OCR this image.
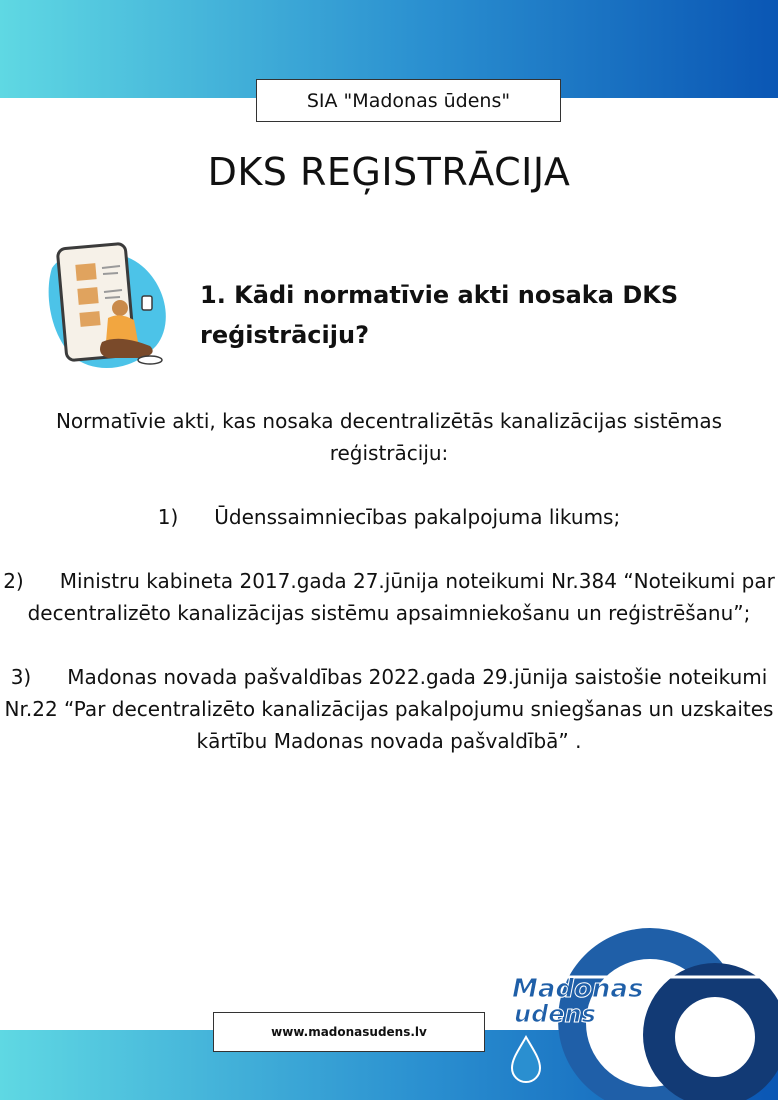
SIA "Madonas ūdens"
DKS REĢISTRĀCIJA

1. Kādi normatīvie akti nosaka DKS reģistrāciju?

Normatīvie akti, kas nosaka decentralizētās kanalizācijas sistēmas reģistrāciju:

1) Ūdenssaimniecības pakalpojuma likums;

2) Ministru kabineta 2017.gada 27.jūnija noteikumi Nr.384 “Noteikumi par decentralizēto kanalizācijas sistēmu apsaimniekošanu un reģistrēšanu”;

3) Madonas novada pašvaldības 2022.gada 29.jūnija saistošie noteikumi Nr.22 “Par decentralizēto kanalizācijas pakalpojumu sniegšanas un uzskaites kārtību Madonas novada pašvaldībā” .

Madonas
udens
www.madonasudens.lv
